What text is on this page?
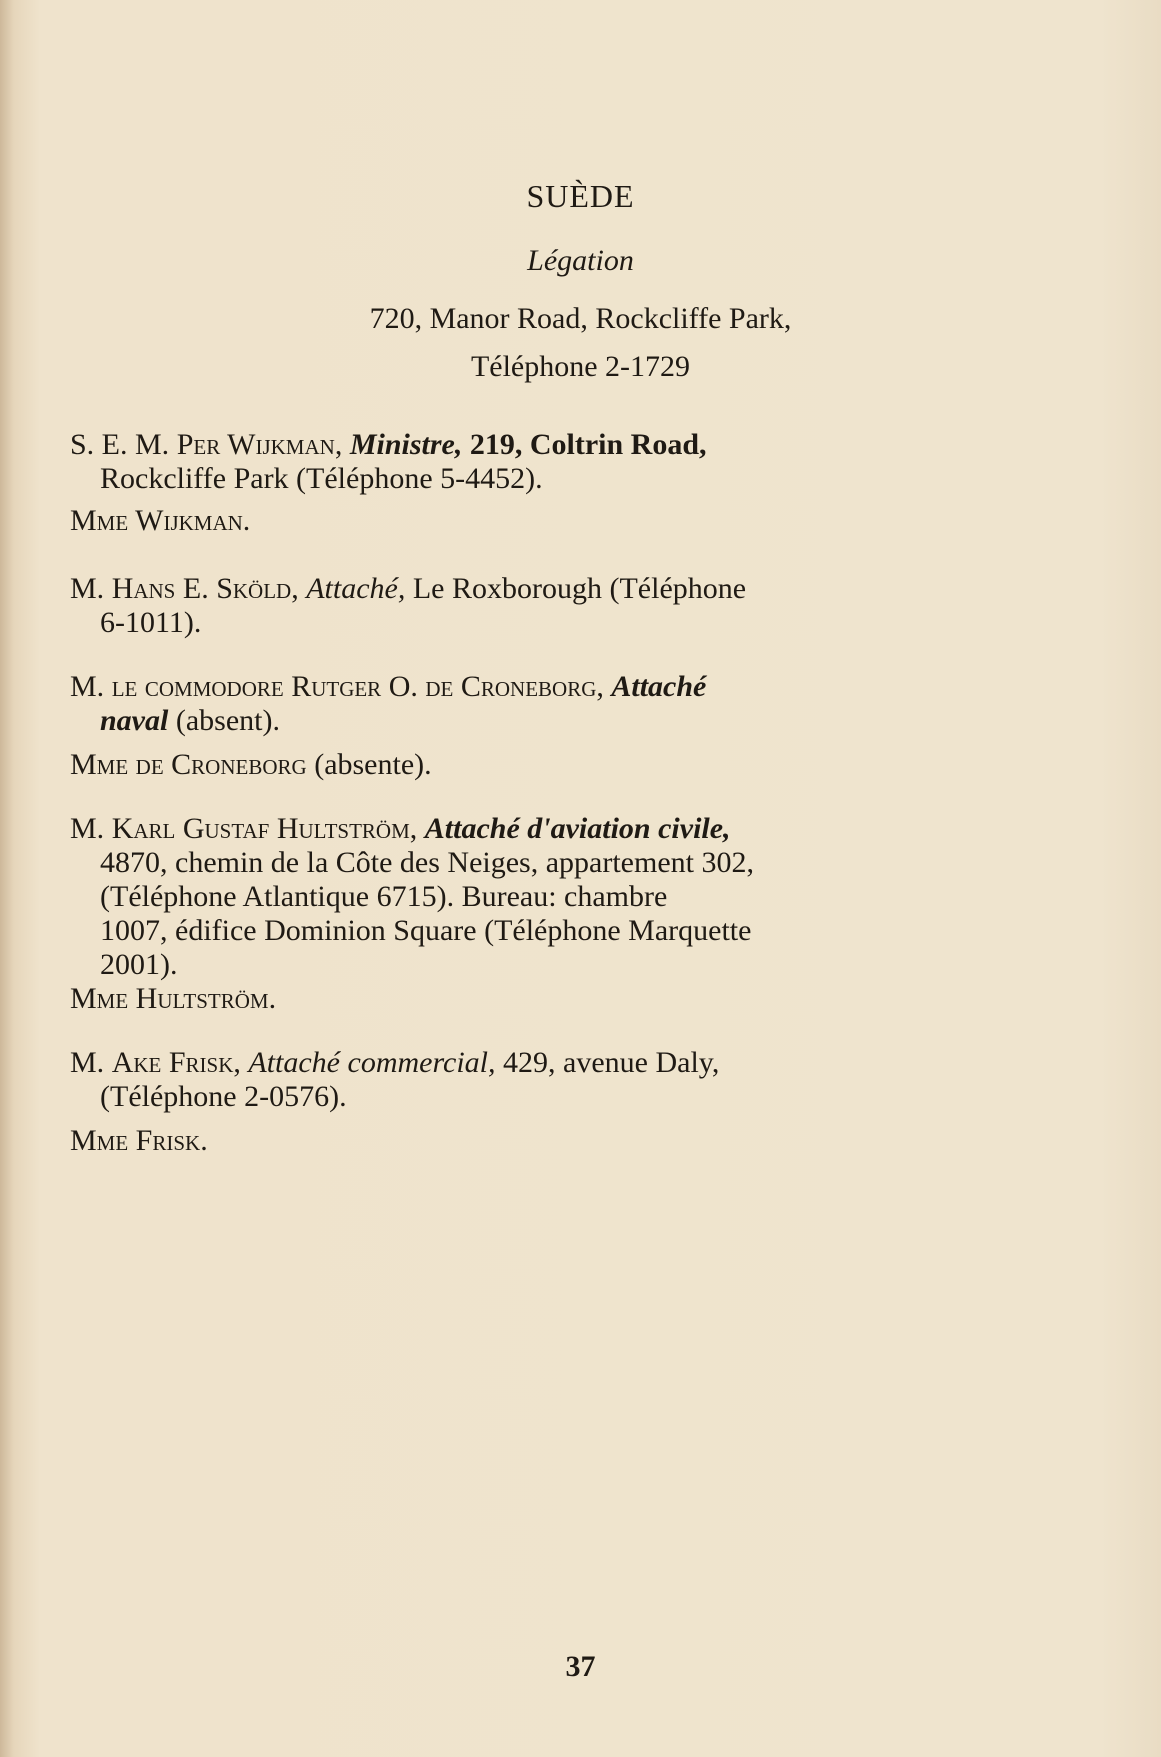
SUÈDE
Légation
720, Manor Road, Rockcliffe Park,
Téléphone 2-1729
S. E. M. Per Wijkman, Ministre, 219, Coltrin Road,
Rockcliffe Park (Téléphone 5-4452).
Mme Wijkman.
M. Hans E. Sköld, Attaché, Le Roxborough (Téléphone
6-1011).
M. le commodore Rutger O. de Croneborg, Attaché
naval (absent).
Mme de Croneborg (absente).
M. Karl Gustaf Hultström, Attaché d'aviation civile,
4870, chemin de la Côte des Neiges, appartement 302,
(Téléphone Atlantique 6715). Bureau: chambre
1007, édifice Dominion Square (Téléphone Marquette
2001).
Mme Hultström.
M. Ake Frisk, Attaché commercial, 429, avenue Daly,
(Téléphone 2-0576).
Mme Frisk.
37
